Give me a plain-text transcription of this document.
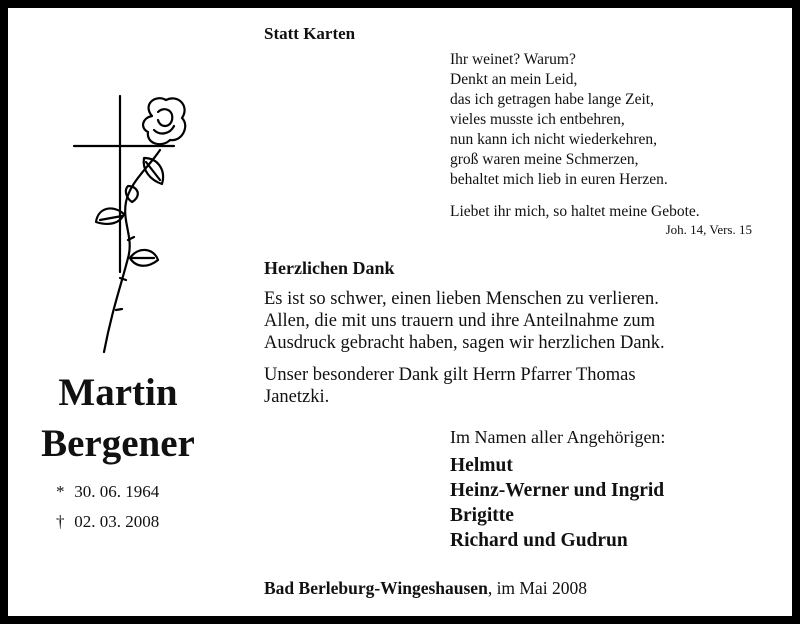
Martin
Bergener
* 30. 06. 1964
† 02. 03. 2008
Statt Karten
Ihr weinet? Warum?
Denkt an mein Leid,
das ich getragen habe lange Zeit,
vieles musste ich entbehren,
nun kann ich nicht wiederkehren,
groß waren meine Schmerzen,
behaltet mich lieb in euren Herzen.
Liebet ihr mich, so haltet meine Gebote.
Joh. 14, Vers. 15
Herzlichen Dank
Es ist so schwer, einen lieben Menschen zu verlieren.
Allen, die mit uns trauern und ihre Anteilnahme zum
Ausdruck gebracht haben, sagen wir herzlichen Dank.
Unser besonderer Dank gilt Herrn Pfarrer Thomas
Janetzki.
Im Namen aller Angehörigen:
Helmut
Heinz-Werner und Ingrid
Brigitte
Richard und Gudrun
Bad Berleburg-Wingeshausen, im Mai 2008
